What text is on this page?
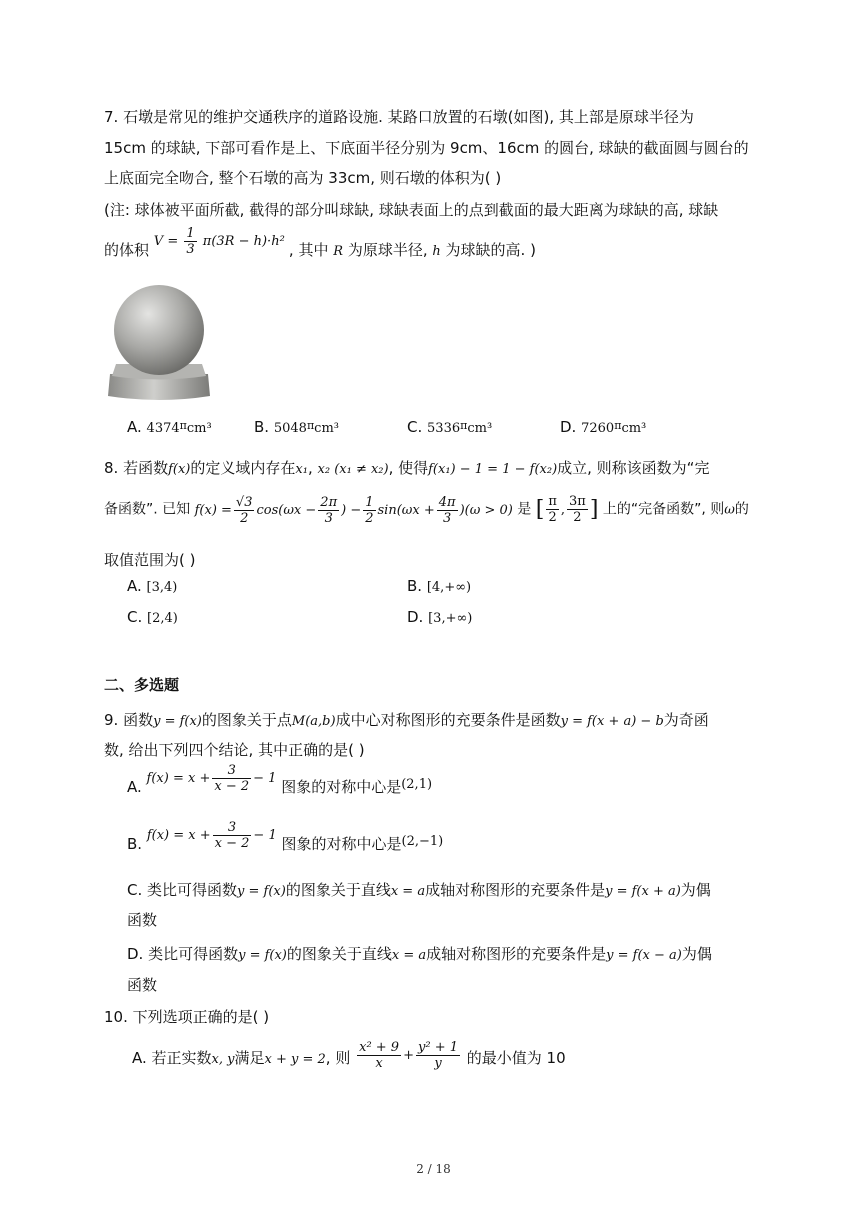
7. 石墩是常见的维护交通秩序的道路设施. 某路口放置的石墩(如图), 其上部是原球半径为
15cm 的球缺, 下部可看作是上、下底面半径分别为 9cm、16cm 的圆台, 球缺的截面圆与圆台的
上底面完全吻合, 整个石墩的高为 33cm, 则石墩的体积为( )
(注: 球体被平面所截, 截得的部分叫球缺, 球缺表面上的点到截面的最大距离为球缺的高, 球缺
的体积 $V = \frac{1}{3} \pi(3R - h)\cdot h^2$ , 其中 R 为原球半径, h 为球缺的高. )
A. $4374^\pi cm^3$	B. $5048^\pi cm^3$	C. $5336^\pi cm^3$	D. $7260^\pi cm^3$
8. 若函数f(x)的定义域内存在x₁, x₂ (x₁ ≠ x₂), 使得f(x₁) − 1 = 1 − f(x₂)成立, 则称该函数为“完
备函数”. 已知 $f(x) = \frac{√3}{2} \cos(\omega x - \frac{2\pi}{3}$ ) − $\frac{1}{2} \sin(\omega x + \frac{4\pi}{3} )(\omega > 0)$ 是 [ $\frac{\pi}{2}$ , $\frac{3\pi}{2}$ ] 上的“完备函数”, 则ω的
取值范围为( )
A. [3,4)	B. [4,+∞)
C. [2,4)	D. [3,+∞)
二、多选题
9. 函数y = f(x)的图象关于点M(a,b)成中心对称图形的充要条件是函数y = f(x + a) − b为奇函
数, 给出下列四个结论, 其中正确的是( )
A. $f(x) = x + \frac{3}{x - 2} - 1$ 图象的对称中心是(2,1)
B. $f(x) = x + \frac{3}{x - 2} - 1$ 图象的对称中心是(2,−1)
C. 类比可得函数y = f(x)的图象关于直线x = a成轴对称图形的充要条件是y = f(x + a)为偶
函数
D. 类比可得函数y = f(x)的图象关于直线x = a成轴对称图形的充要条件是y = f(x − a)为偶
函数
10. 下列选项正确的是( )
A. 若正实数x, y满足x + y = 2, 则 $\frac{\text{x² + 9}}{x} + \frac{\text{y² + 1}}{y}$ 的最小值为 10
2 / 18
